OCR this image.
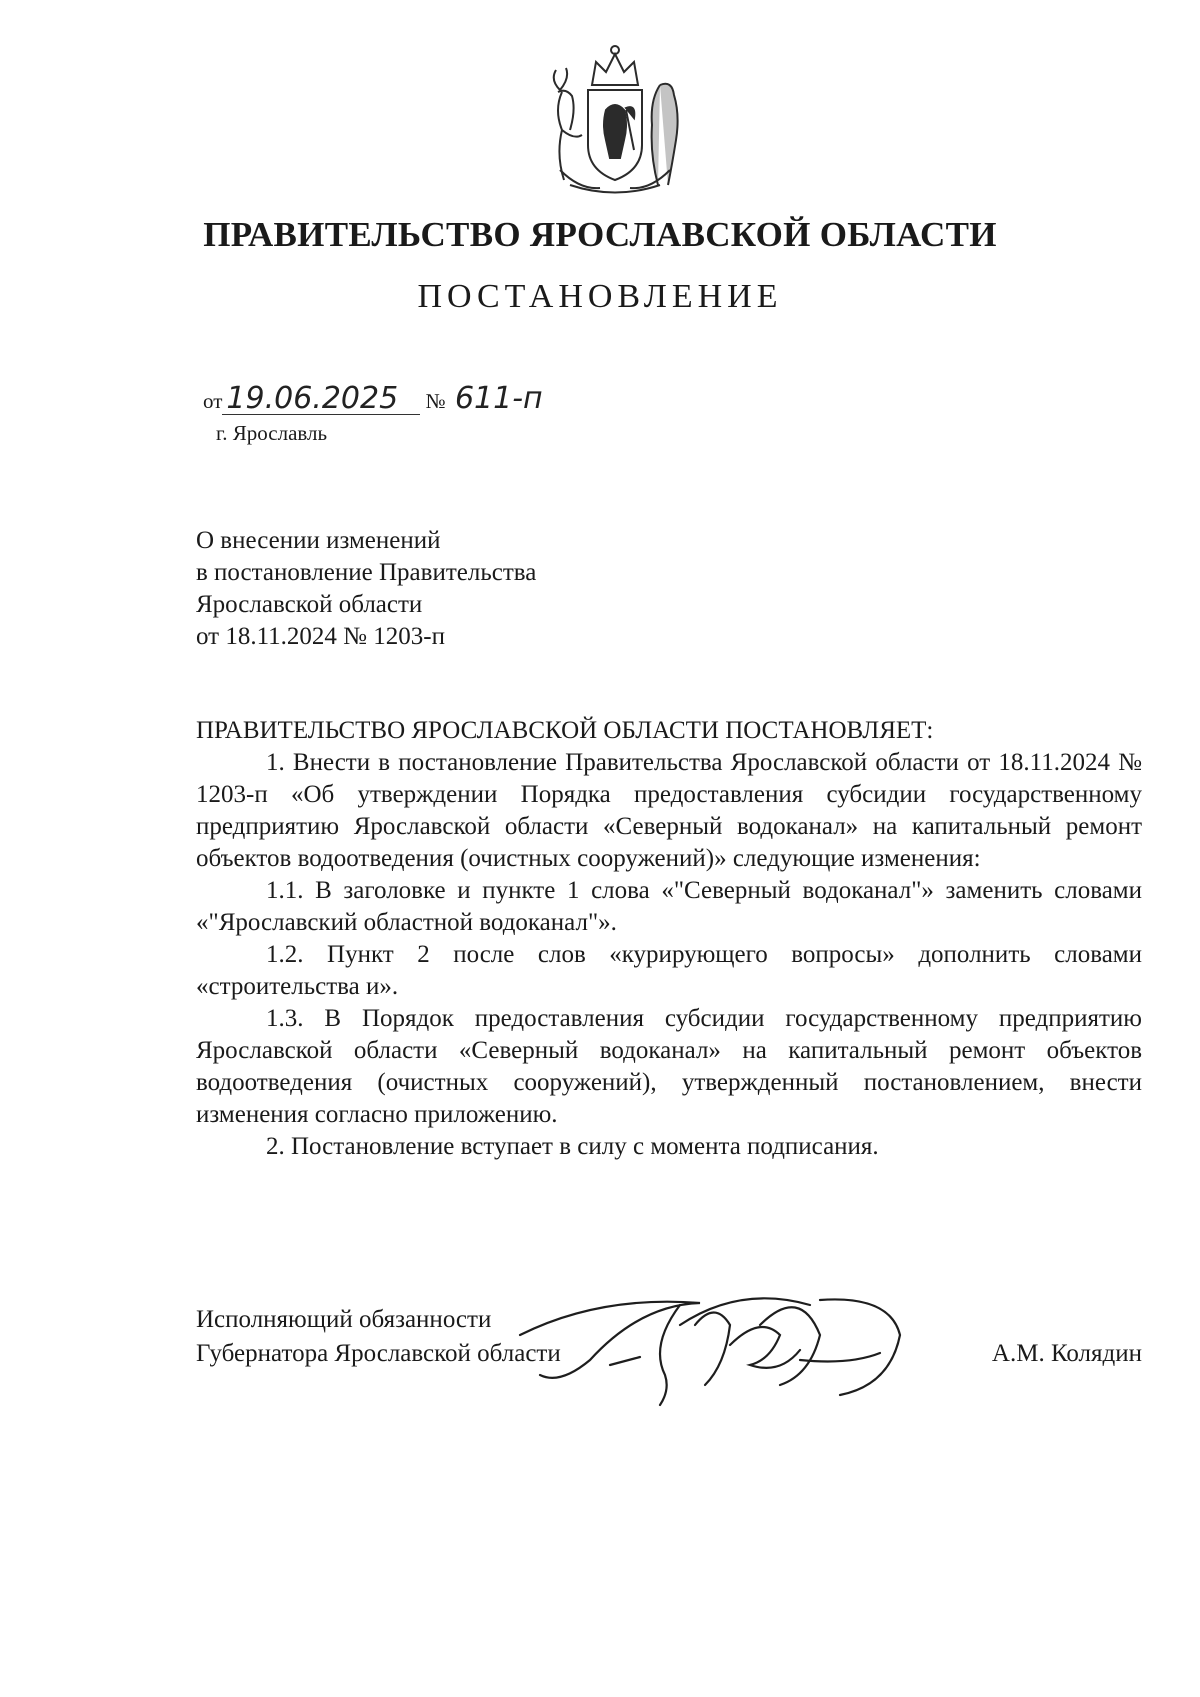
ПРАВИТЕЛЬСТВО ЯРОСЛАВСКОЙ ОБЛАСТИ
ПОСТАНОВЛЕНИЕ
от 19.06.2025 № 611-п
г. Ярославль
О внесении изменений
в постановление Правительства
Ярославской области
от 18.11.2024 № 1203-п
ПРАВИТЕЛЬСТВО ЯРОСЛАВСКОЙ ОБЛАСТИ ПОСТАНОВЛЯЕТ:
1. Внести в постановление Правительства Ярославской области от 18.11.2024 № 1203-п «Об утверждении Порядка предоставления субсидии государственному предприятию Ярославской области «Северный водоканал» на капитальный ремонт объектов водоотведения (очистных сооружений)» следующие изменения:
1.1. В заголовке и пункте 1 слова «"Северный водоканал"» заменить словами «"Ярославский областной водоканал"».
1.2. Пункт 2 после слов «курирующего вопросы» дополнить словами «строительства и».
1.3. В Порядок предоставления субсидии государственному предприятию Ярославской области «Северный водоканал» на капитальный ремонт объектов водоотведения (очистных сооружений), утвержденный постановлением, внести изменения согласно приложению.
2. Постановление вступает в силу с момента подписания.
Исполняющий обязанности
Губернатора Ярославской области	А.М. Колядин
